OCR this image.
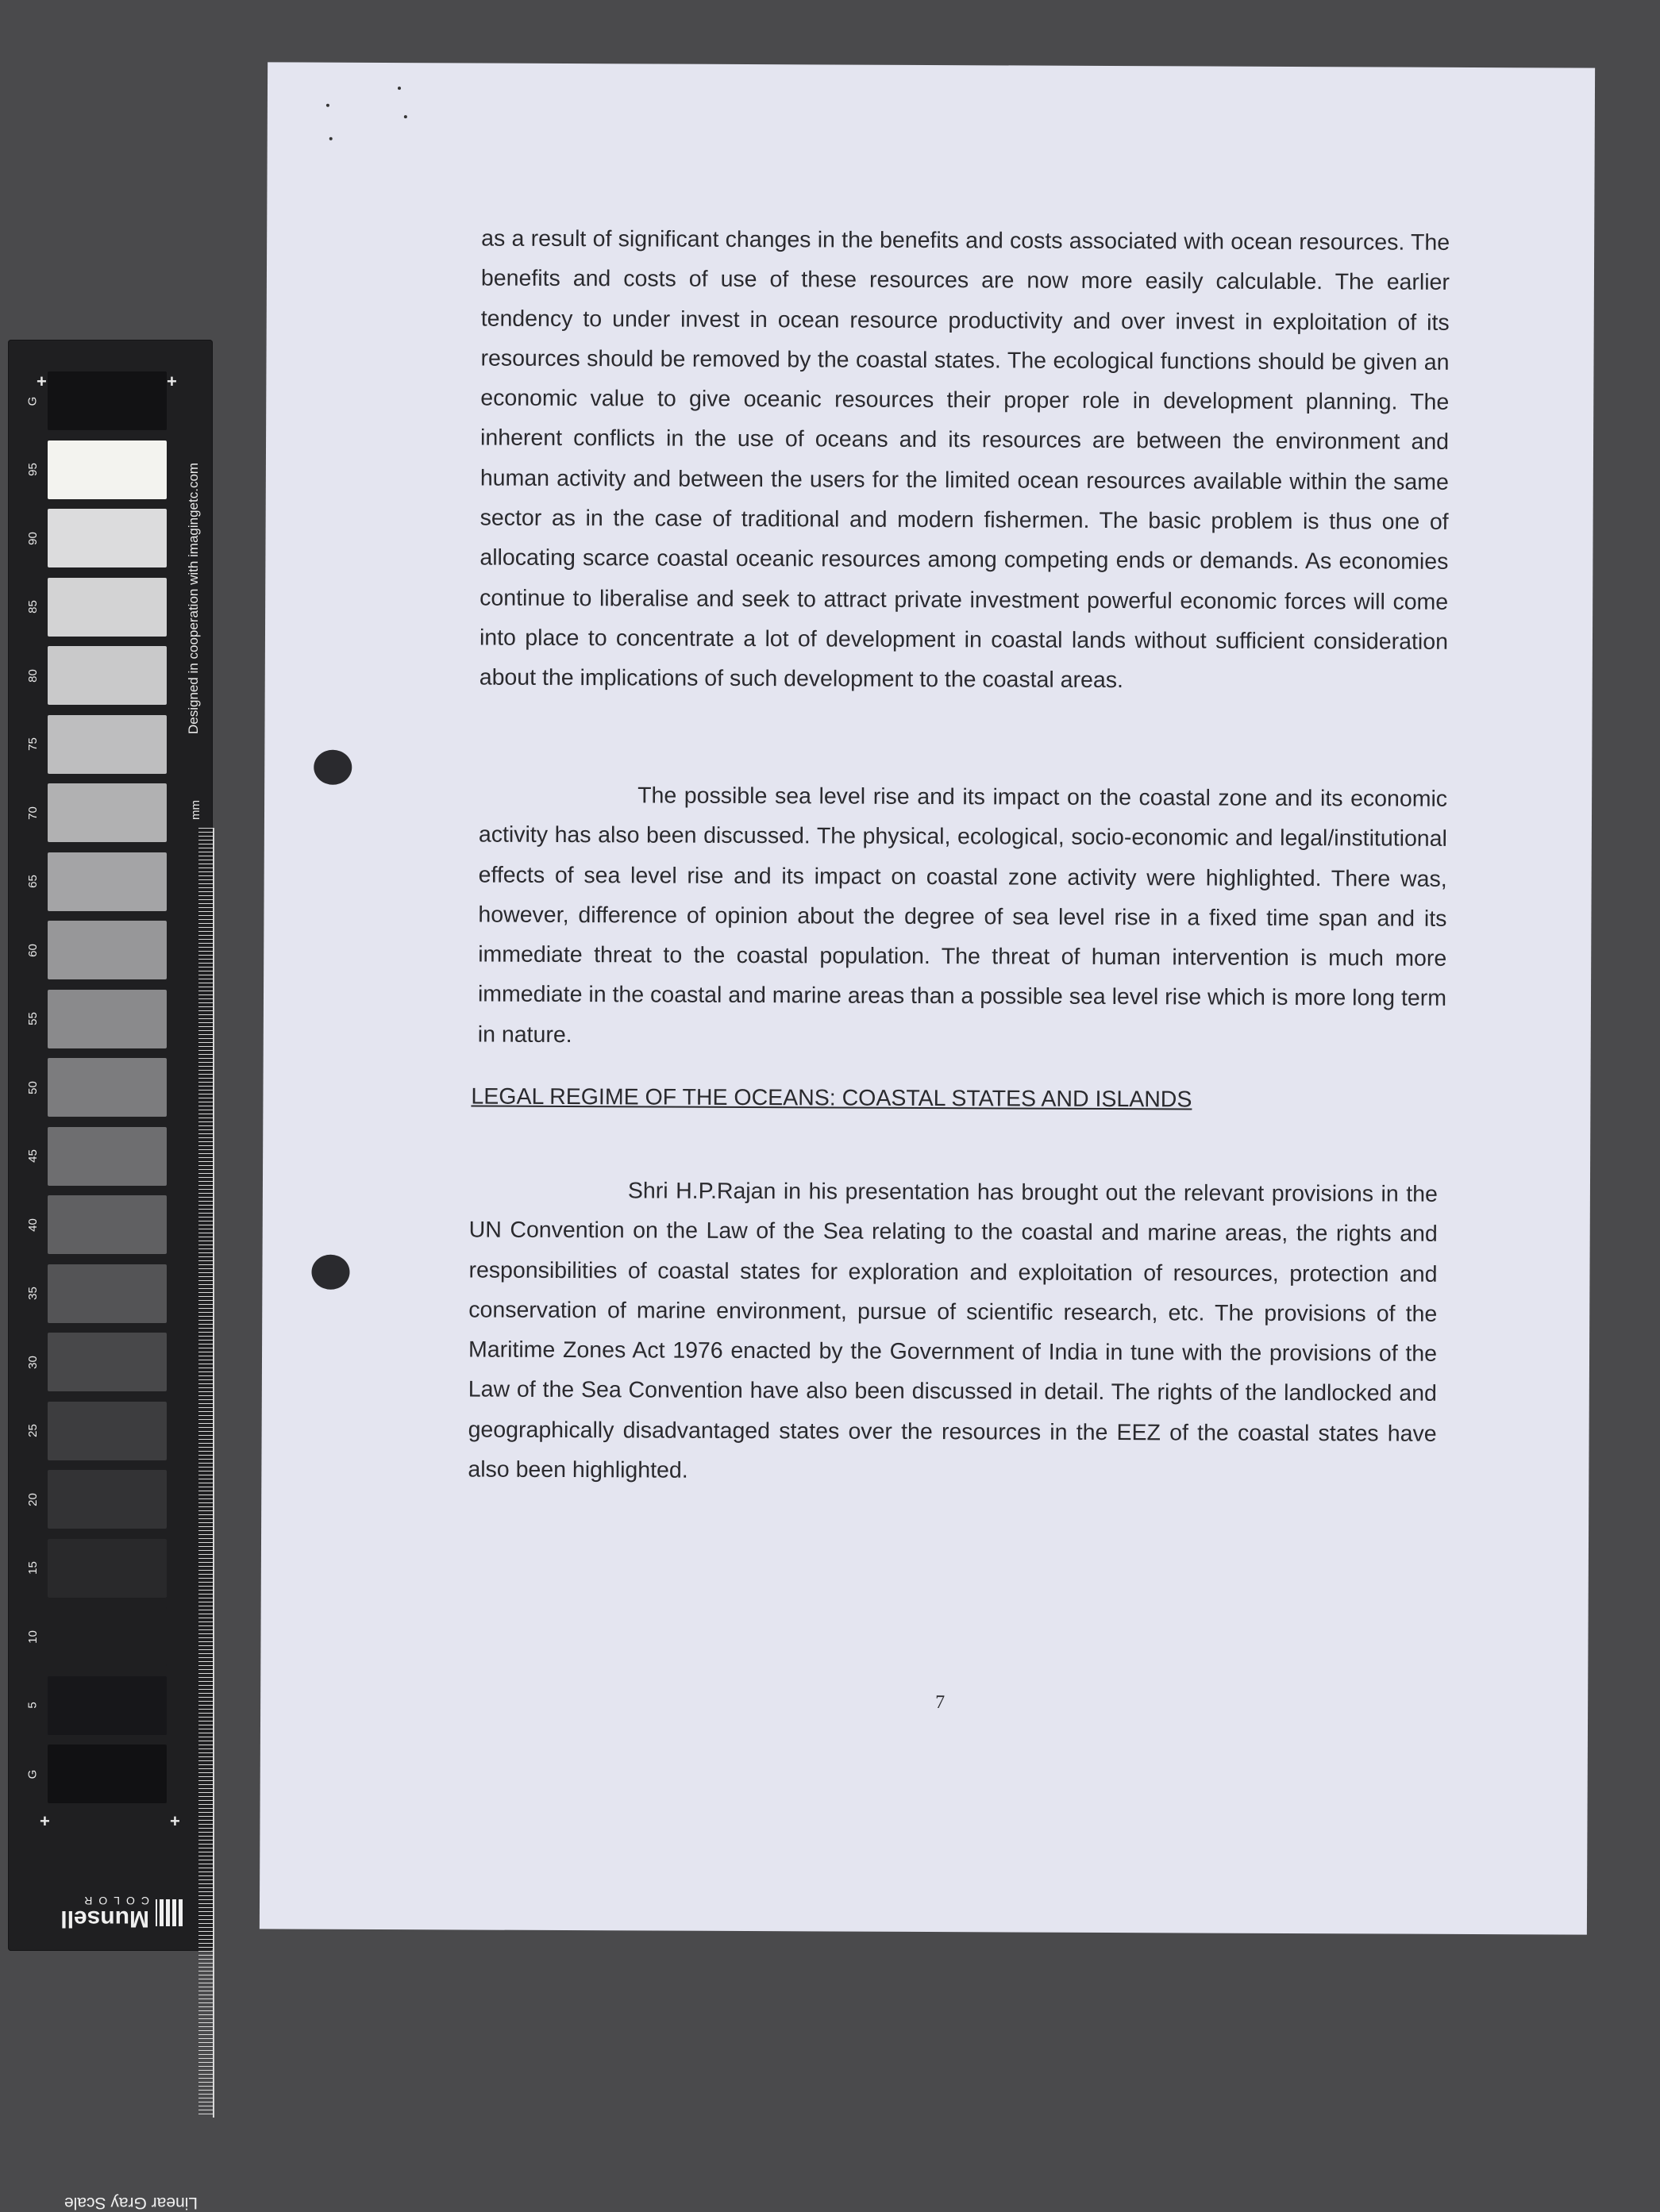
+	+
+	+
Designed in cooperation with imagingetc.com
mm
Linear Gray Scale
Munsell
COLOR
G
95
90
85
80
75
70
65
60
55
50
45
40
35
30
25
20
15
10
5
G
as a result of significant changes in the benefits and costs associated with ocean resources. The benefits and costs of use of these resources are now more easily calculable. The earlier tendency to under invest in ocean resource productivity and over invest in exploitation of its resources should be removed by the coastal states. The ecological functions should be given an economic value to give oceanic resources their proper role in development planning. The inherent conflicts in the use of oceans and its resources are between the environment and human activity and between the users for the limited ocean resources available within the same sector as in the case of traditional and modern fishermen. The basic problem is thus one of allocating scarce coastal oceanic resources among competing ends or demands. As economies continue to liberalise and seek to attract private investment powerful economic forces will come into place to concentrate a lot of development in coastal lands without sufficient consideration about the implications of such development to the coastal areas.
The possible sea level rise and its impact on the coastal zone and its economic activity has also been discussed. The physical, ecological, socio-economic and legal/institutional effects of sea level rise and its impact on coastal zone activity were highlighted. There was, however, difference of opinion about the degree of sea level rise in a fixed time span and its immediate threat to the coastal population. The threat of human intervention is much more immediate in the coastal and marine areas than a possible sea level rise which is more long term in nature.
LEGAL REGIME OF THE OCEANS: COASTAL STATES AND ISLANDS
Shri H.P.Rajan in his presentation has brought out the relevant provisions in the UN Convention on the Law of the Sea relating to the coastal and marine areas, the rights and responsibilities of coastal states for exploration and exploitation of resources, protection and conservation of marine environment, pursue of scientific research, etc. The provisions of the Maritime Zones Act 1976 enacted by the Government of India in tune with the provisions of the Law of the Sea Convention have also been discussed in detail. The rights of the landlocked and geographically disadvantaged states over the resources in the EEZ of the coastal states have also been highlighted.
7
